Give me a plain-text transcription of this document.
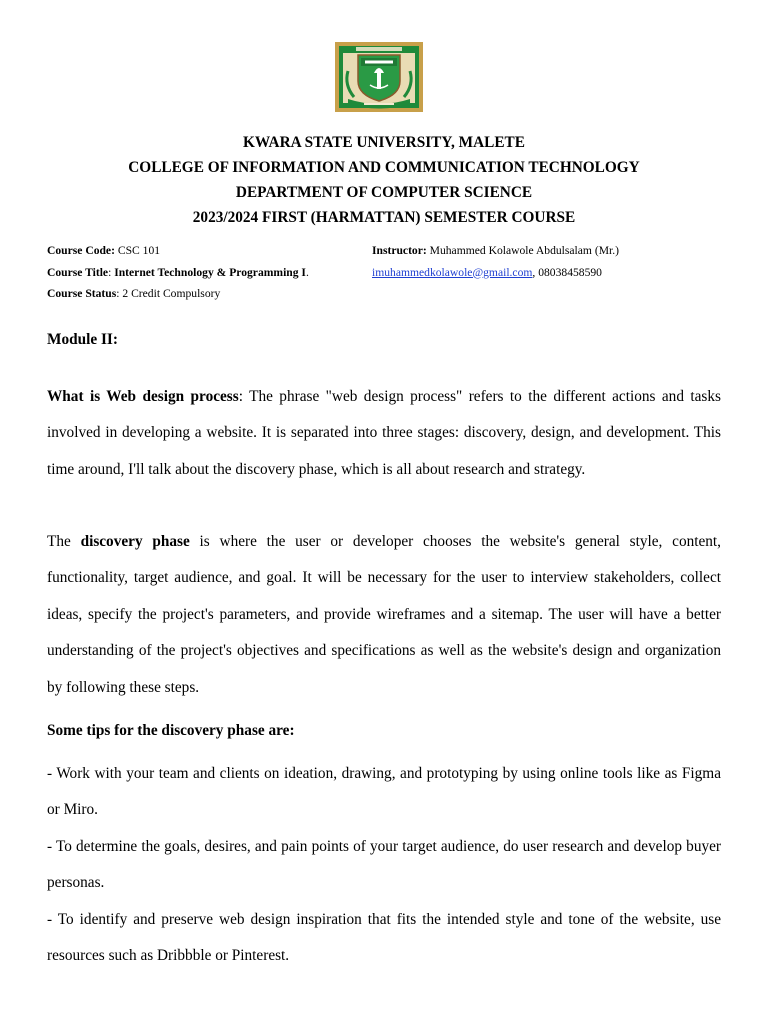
KWARA STATE UNIVERSITY, MALETE
COLLEGE OF INFORMATION AND COMMUNICATION TECHNOLOGY
DEPARTMENT OF COMPUTER SCIENCE
2023/2024 FIRST (HARMATTAN) SEMESTER COURSE
Course Code: CSC 101
Course Title: Internet Technology & Programming I.
Course Status: 2 Credit Compulsory
Instructor: Muhammed Kolawole Abdulsalam (Mr.)
imuhammedkolawole@gmail.com, 08038458590
Module II:

What is Web design process: The phrase "web design process" refers to the different actions and tasks involved in developing a website. It is separated into three stages: discovery, design, and development. This time around, I'll talk about the discovery phase, which is all about research and strategy.

The discovery phase is where the user or developer chooses the website's general style, content, functionality, target audience, and goal. It will be necessary for the user to interview stakeholders, collect ideas, specify the project's parameters, and provide wireframes and a sitemap. The user will have a better understanding of the project's objectives and specifications as well as the website's design and organization by following these steps.

Some tips for the discovery phase are:

- Work with your team and clients on ideation, drawing, and prototyping by using online tools like as Figma or Miro.

- To determine the goals, desires, and pain points of your target audience, do user research and develop buyer personas.

- To identify and preserve web design inspiration that fits the intended style and tone of the website, use resources such as Dribbble or Pinterest.
